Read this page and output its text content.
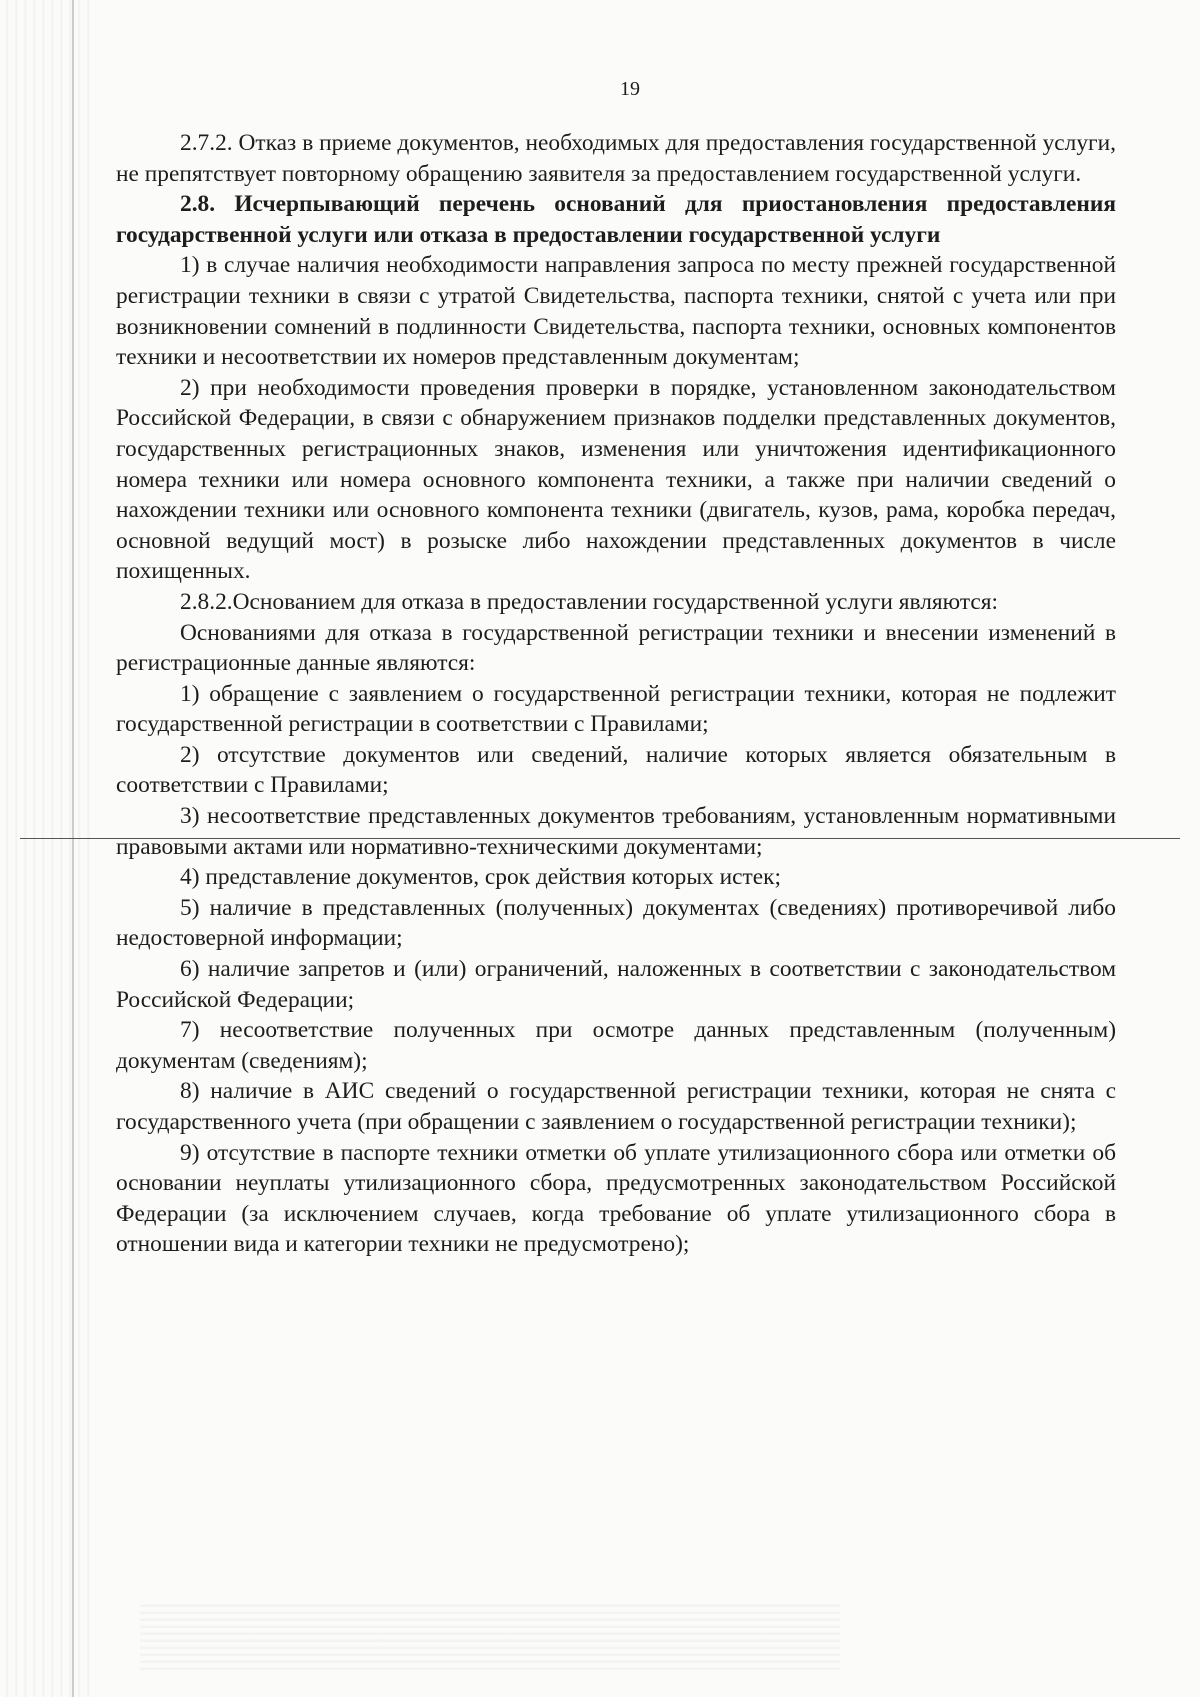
19

2.7.2. Отказ в приеме документов, необходимых для предоставления государственной услуги, не препятствует повторному обращению заявителя за предоставлением государственной услуги.

2.8. Исчерпывающий перечень оснований для приостановления предоставления государственной услуги или отказа в предоставлении государственной услуги

1) в случае наличия необходимости направления запроса по месту прежней государственной регистрации техники в связи с утратой Свидетельства, паспорта техники, снятой с учета или при возникновении сомнений в подлинности Свидетельства, паспорта техники, основных компонентов техники и несоответствии их номеров представленным документам;

2) при необходимости проведения проверки в порядке, установленном законодательством Российской Федерации, в связи с обнаружением признаков подделки представленных документов, государственных регистрационных знаков, изменения или уничтожения идентификационного номера техники или номера основного компонента техники, а также при наличии сведений о нахождении техники или основного компонента техники (двигатель, кузов, рама, коробка передач, основной ведущий мост) в розыске либо нахождении представленных документов в числе похищенных.

2.8.2.Основанием для отказа в предоставлении государственной услуги являются:

Основаниями для отказа в государственной регистрации техники и внесении изменений в регистрационные данные являются:

1) обращение с заявлением о государственной регистрации техники, которая не подлежит государственной регистрации в соответствии с Правилами;

2) отсутствие документов или сведений, наличие которых является обязательным в соответствии с Правилами;

3) несоответствие представленных документов требованиям, установленным нормативными правовыми актами или нормативно-техническими документами;

4) представление документов, срок действия которых истек;

5) наличие в представленных (полученных) документах (сведениях) противоречивой либо недостоверной информации;

6) наличие запретов и (или) ограничений, наложенных в соответствии с законодательством Российской Федерации;

7) несоответствие полученных при осмотре данных представленным (полученным) документам (сведениям);

8) наличие в АИС сведений о государственной регистрации техники, которая не снята с государственного учета (при обращении с заявлением о государственной регистрации техники);

9) отсутствие в паспорте техники отметки об уплате утилизационного сбора или отметки об основании неуплаты утилизационного сбора, предусмотренных законодательством Российской Федерации (за исключением случаев, когда требование об уплате утилизационного сбора в отношении вида и категории техники не предусмотрено);
